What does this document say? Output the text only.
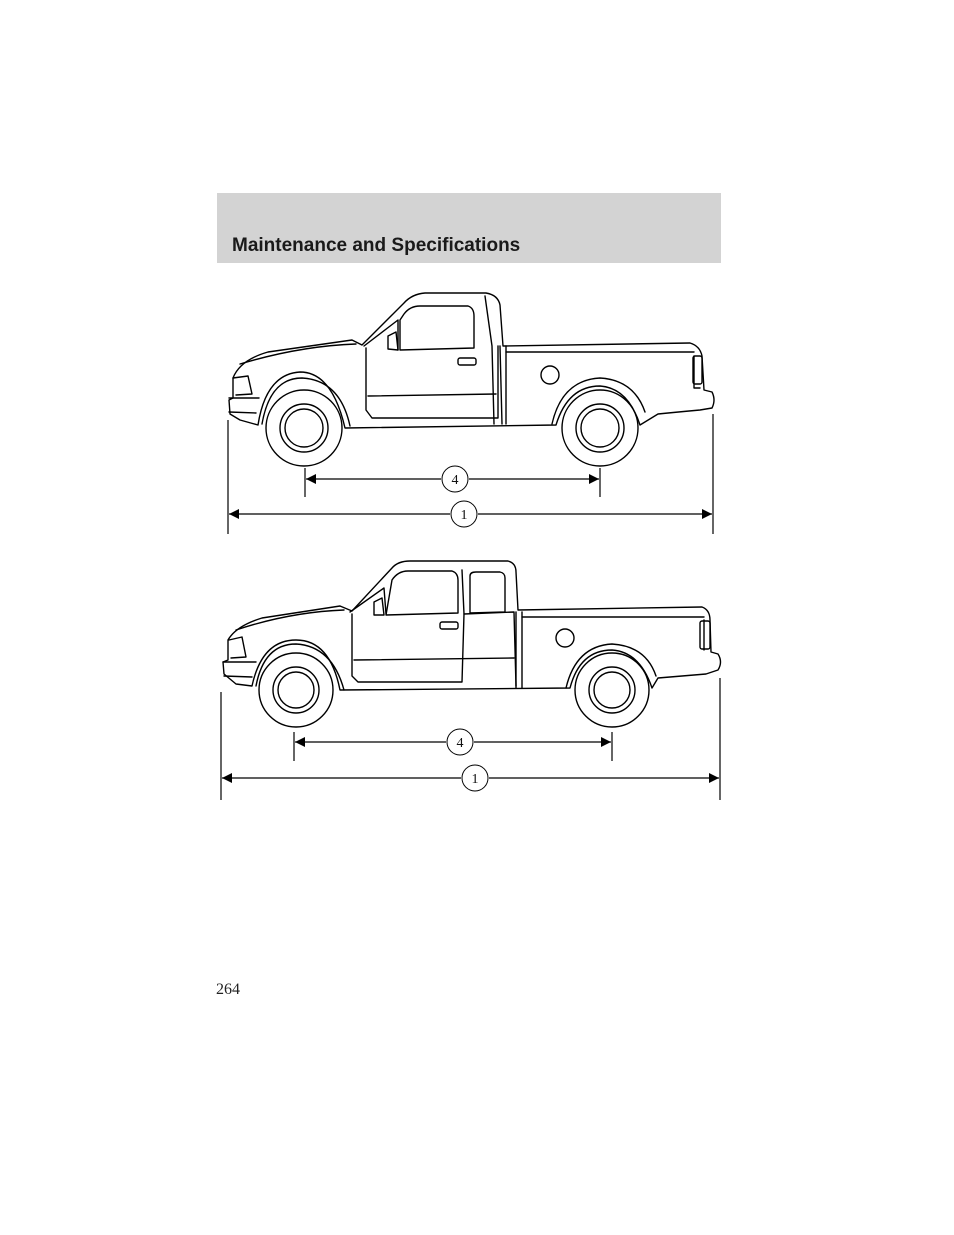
Maintenance and Specifications
4
1
4
1
264
